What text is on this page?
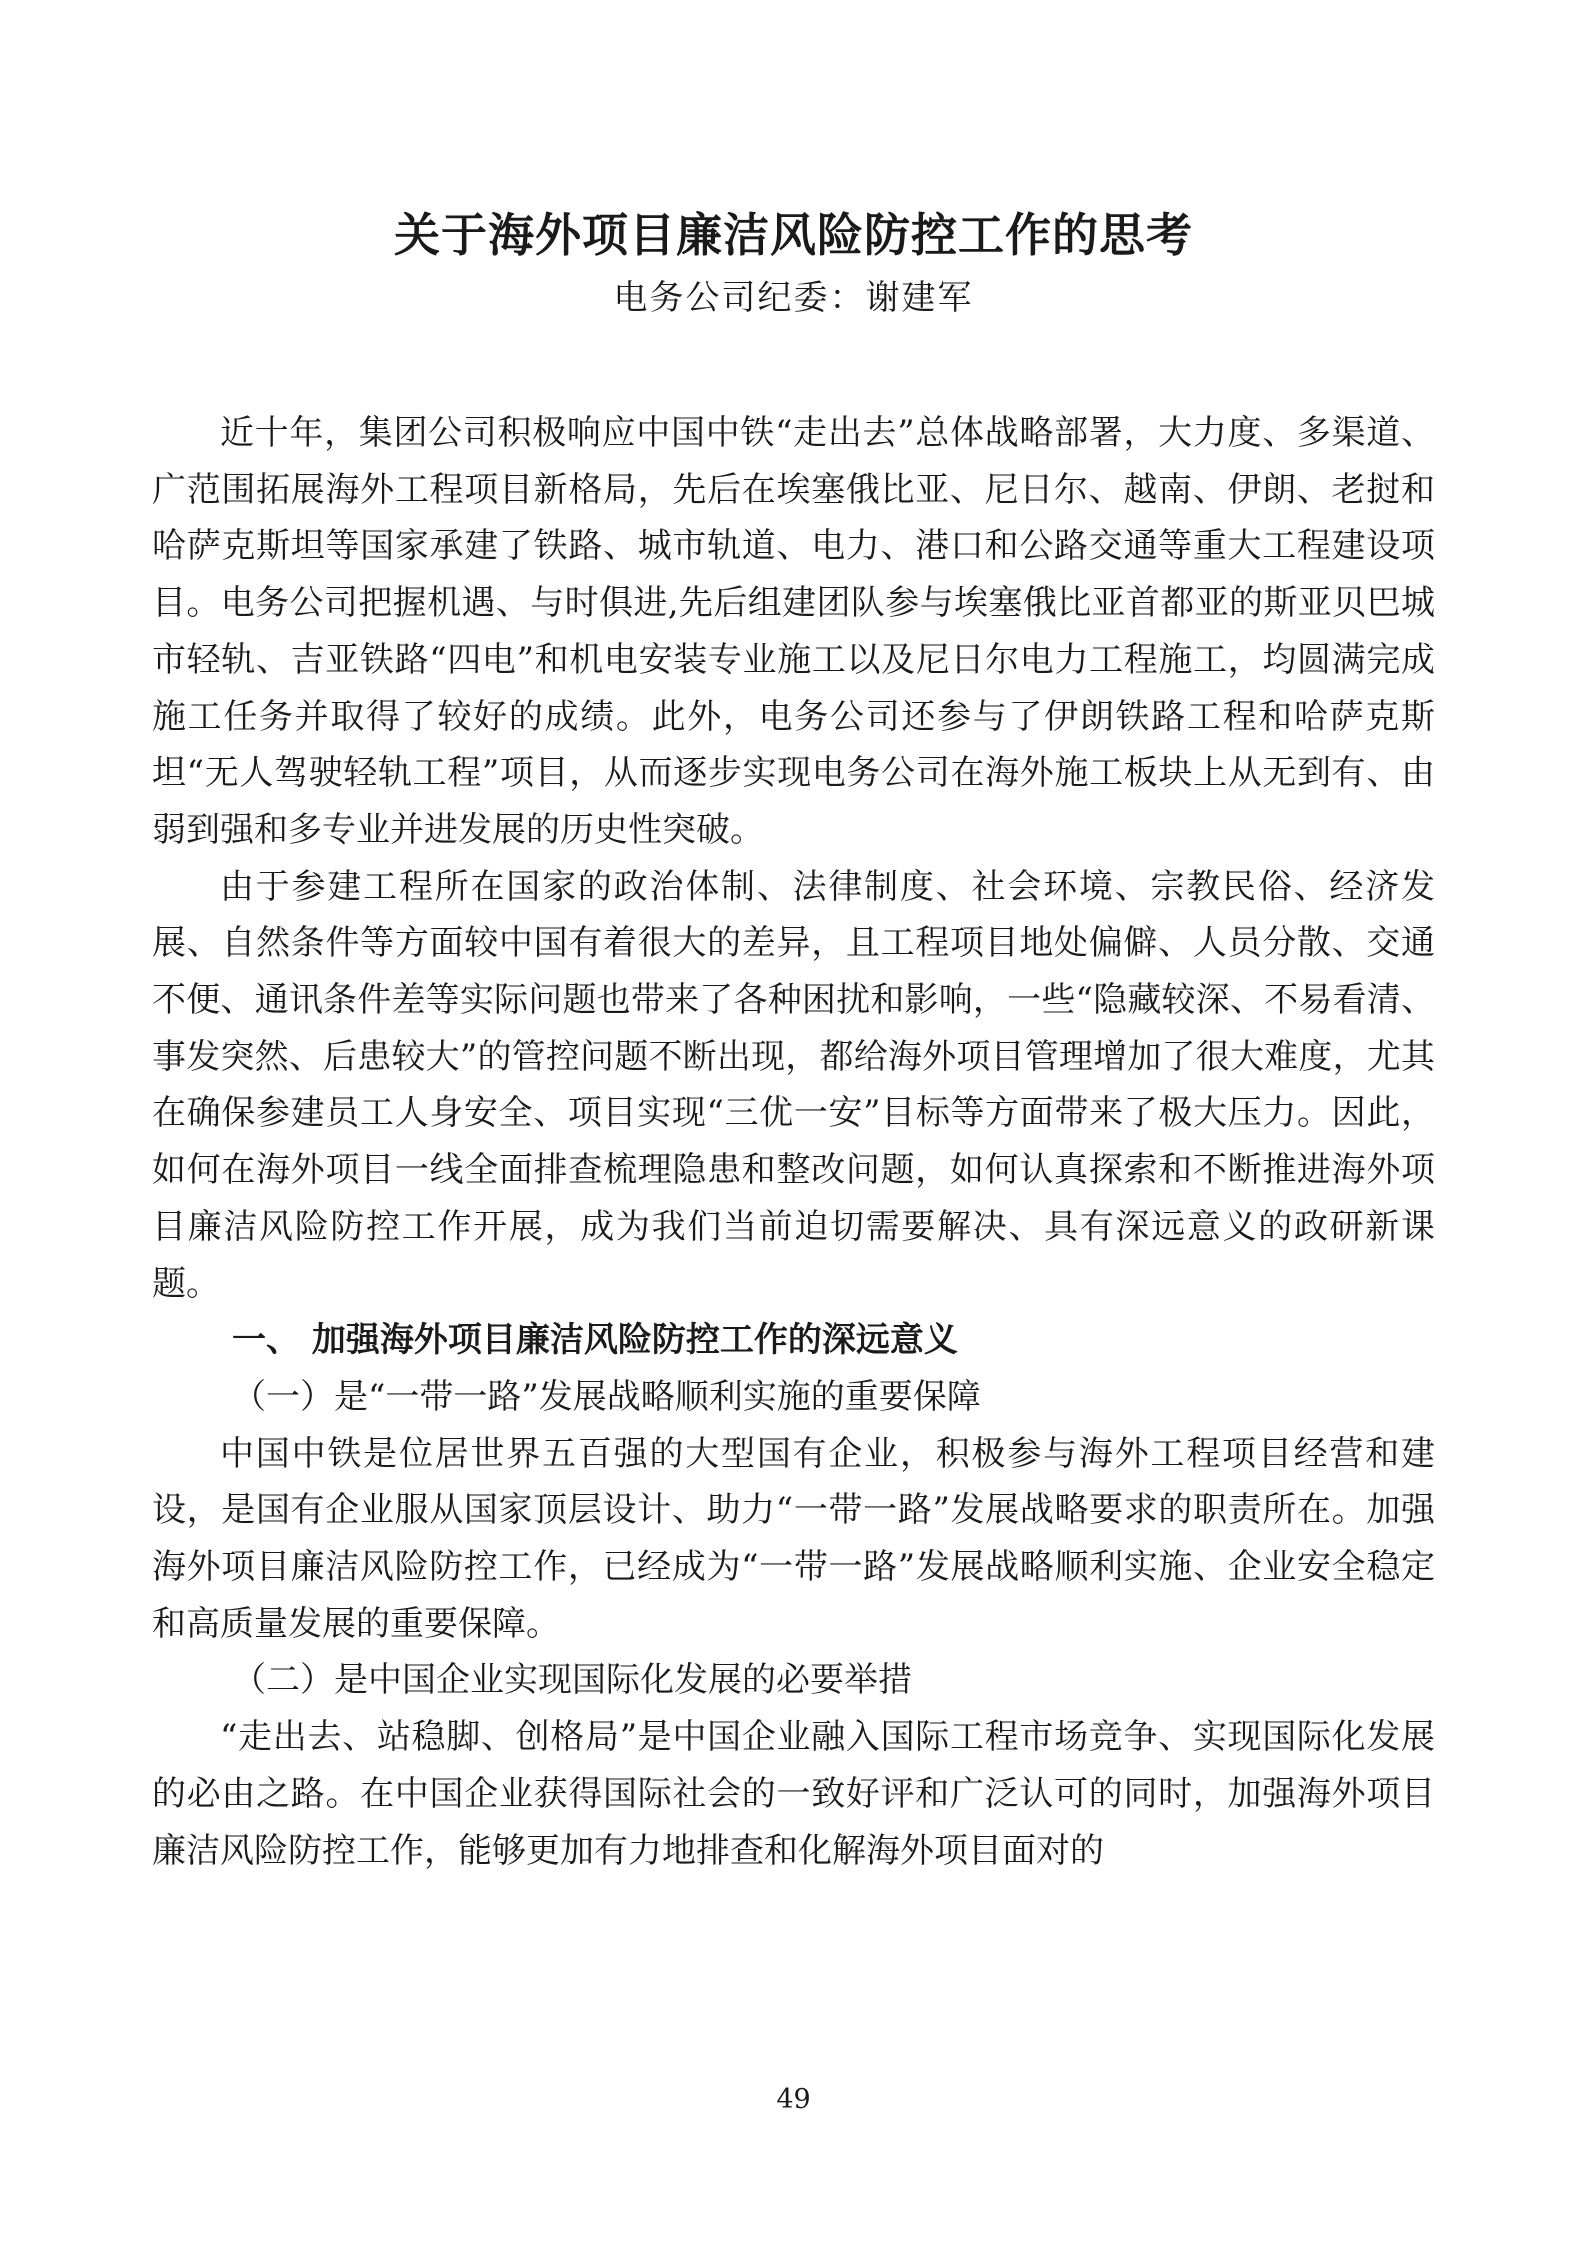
关于海外项目廉洁风险防控工作的思考
电务公司纪委：谢建军

近十年，集团公司积极响应中国中铁“走出去”总体战略部署，大力度、多渠道、广范围拓展海外工程项目新格局，先后在埃塞俄比亚、尼日尔、越南、伊朗、老挝和哈萨克斯坦等国家承建了铁路、城市轨道、电力、港口和公路交通等重大工程建设项目。电务公司把握机遇、与时俱进,先后组建团队参与埃塞俄比亚首都亚的斯亚贝巴城市轻轨、吉亚铁路“四电”和机电安装专业施工以及尼日尔电力工程施工，均圆满完成施工任务并取得了较好的成绩。此外，电务公司还参与了伊朗铁路工程和哈萨克斯坦“无人驾驶轻轨工程”项目，从而逐步实现电务公司在海外施工板块上从无到有、由弱到强和多专业并进发展的历史性突破。

由于参建工程所在国家的政治体制、法律制度、社会环境、宗教民俗、经济发展、自然条件等方面较中国有着很大的差异，且工程项目地处偏僻、人员分散、交通不便、通讯条件差等实际问题也带来了各种困扰和影响，一些“隐藏较深、不易看清、事发突然、后患较大”的管控问题不断出现，都给海外项目管理增加了很大难度，尤其在确保参建员工人身安全、项目实现“三优一安”目标等方面带来了极大压力。因此，如何在海外项目一线全面排查梳理隐患和整改问题，如何认真探索和不断推进海外项目廉洁风险防控工作开展，成为我们当前迫切需要解决、具有深远意义的政研新课题。

一、 加强海外项目廉洁风险防控工作的深远意义
（一）是“一带一路”发展战略顺利实施的重要保障

中国中铁是位居世界五百强的大型国有企业，积极参与海外工程项目经营和建设，是国有企业服从国家顶层设计、助力“一带一路”发展战略要求的职责所在。加强海外项目廉洁风险防控工作，已经成为“一带一路”发展战略顺利实施、企业安全稳定和高质量发展的重要保障。

（二）是中国企业实现国际化发展的必要举措

“走出去、站稳脚、创格局”是中国企业融入国际工程市场竞争、实现国际化发展的必由之路。在中国企业获得国际社会的一致好评和广泛认可的同时，加强海外项目廉洁风险防控工作，能够更加有力地排查和化解海外项目面对的

49
